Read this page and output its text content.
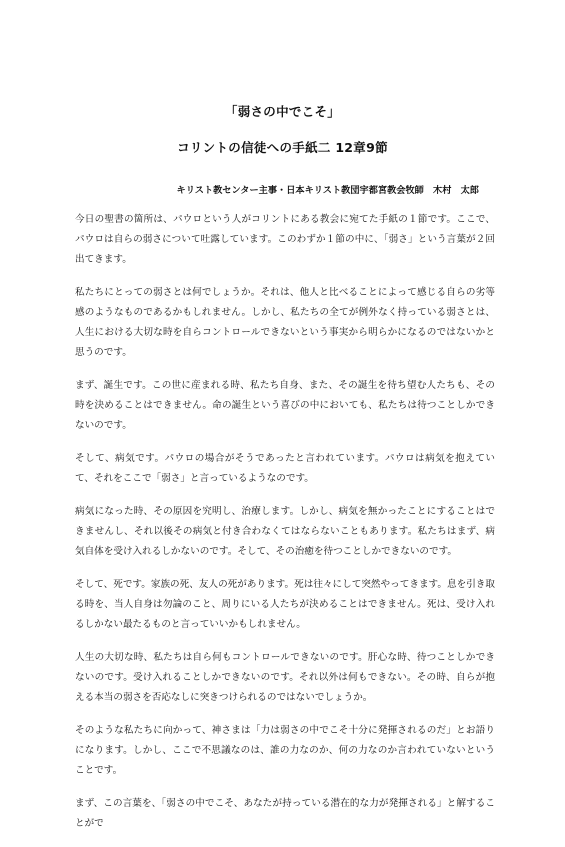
「弱さの中でこそ」
コリントの信徒への手紙二 12章9節
キリスト教センター主事・日本キリスト教団宇都宮教会牧師　木村　太郎

今日の聖書の箇所は、パウロという人がコリントにある教会に宛てた手紙の１節です。ここで、パウロは自らの弱さについて吐露しています。このわずか１節の中に、「弱さ」という言葉が２回出てきます。

私たちにとっての弱さとは何でしょうか。それは、他人と比べることによって感じる自らの劣等感のようなものであるかもしれません。しかし、私たちの全てが例外なく持っている弱さとは、人生における大切な時を自らコントロールできないという事実から明らかになるのではないかと思うのです。

まず、誕生です。この世に産まれる時、私たち自身、また、その誕生を待ち望む人たちも、その時を決めることはできません。命の誕生という喜びの中においても、私たちは待つことしかできないのです。

そして、病気です。パウロの場合がそうであったと言われています。パウロは病気を抱えていて、それをここで「弱さ」と言っているようなのです。

病気になった時、その原因を究明し、治療します。しかし、病気を無かったことにすることはできませんし、それ以後その病気と付き合わなくてはならないこともあります。私たちはまず、病気自体を受け入れるしかないのです。そして、その治癒を待つことしかできないのです。

そして、死です。家族の死、友人の死があります。死は往々にして突然やってきます。息を引き取る時を、当人自身は勿論のこと、周りにいる人たちが決めることはできません。死は、受け入れるしかない最たるものと言っていいかもしれません。

人生の大切な時、私たちは自ら何もコントロールできないのです。肝心な時、待つことしかできないのです。受け入れることしかできないのです。それ以外は何もできない。その時、自らが抱える本当の弱さを否応なしに突きつけられるのではないでしょうか。

そのような私たちに向かって、神さまは「力は弱さの中でこそ十分に発揮されるのだ」とお語りになります。しかし、ここで不思議なのは、誰の力なのか、何の力なのか言われていないということです。

まず、この言葉を、「弱さの中でこそ、あなたが持っている潜在的な力が発揮される」と解することがで
